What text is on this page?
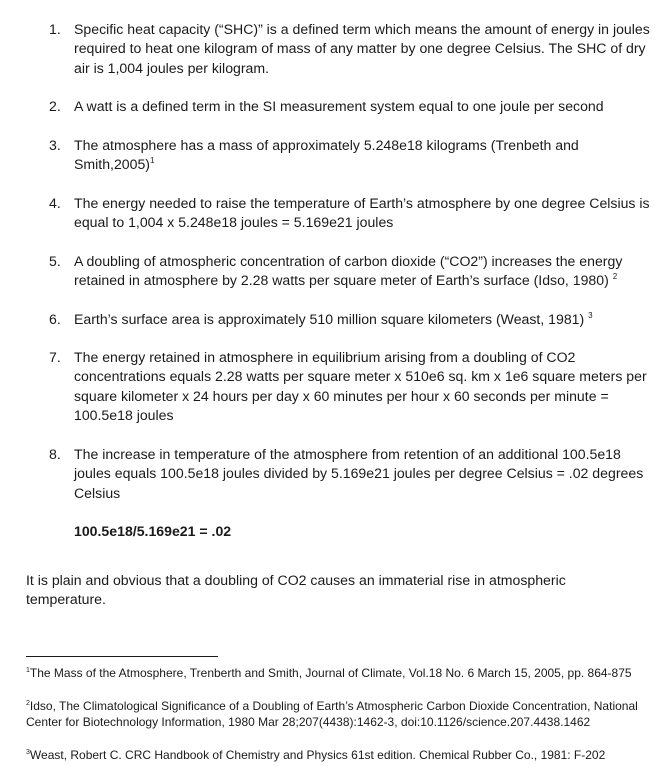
1. Specific heat capacity (“SHC)” is a defined term which means the amount of energy in joules required to heat one kilogram of mass of any matter by one degree Celsius. The SHC of dry air is 1,004 joules per kilogram.
2. A watt is a defined term in the SI measurement system equal to one joule per second
3. The atmosphere has a mass of approximately 5.248e18 kilograms (Trenbeth and Smith,2005)$^1$
4. The energy needed to raise the temperature of Earth’s atmosphere by one degree Celsius is equal to 1,004 x 5.248e18 joules = 5.169e21 joules
5. A doubling of atmospheric concentration of carbon dioxide (“CO2”) increases the energy retained in atmosphere by 2.28 watts per square meter of Earth’s surface (Idso, 1980) $^2$
6. Earth’s surface area is approximately 510 million square kilometers (Weast, 1981) $^3$
7. The energy retained in atmosphere in equilibrium arising from a doubling of CO2 concentrations equals 2.28 watts per square meter x 510e6 sq. km x 1e6 square meters per square kilometer x 24 hours per day x 60 minutes per hour x 60 seconds per minute = 100.5e18 joules
8. The increase in temperature of the atmosphere from retention of an additional 100.5e18 joules equals 100.5e18 joules divided by 5.169e21 joules per degree Celsius = .02 degrees Celsius
100.5e18/5.169e21 = .02

It is plain and obvious that a doubling of CO2 causes an immaterial rise in atmospheric temperature.

$^1$The Mass of the Atmosphere, Trenberth and Smith, Journal of Climate, Vol.18 No. 6 March 15, 2005, pp. 864-875
$^2$Idso, The Climatological Significance of a Doubling of Earth’s Atmospheric Carbon Dioxide Concentration, National Center for Biotechnology Information, 1980 Mar 28;207(4438):1462-3, doi:10.1126/science.207.4438.1462
$^3$Weast, Robert C. CRC Handbook of Chemistry and Physics 61st edition. Chemical Rubber Co., 1981: F-202
